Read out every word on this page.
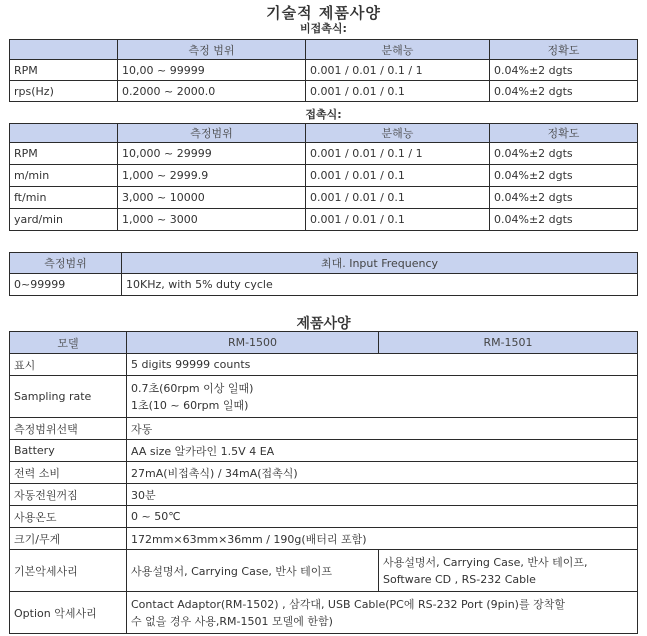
기술적 제품사양
비접촉식:
	측정 범위	분해능	정확도
RPM	10,00 ~ 99999	0.001 / 0.01 / 0.1 / 1	0.04%±2 dgts
rps(Hz)	0.2000 ~ 2000.0	0.001 / 0.01 / 0.1	0.04%±2 dgts
접촉식:
	측정범위	분해능	정확도
RPM	10,000 ~ 29999	0.001 / 0.01 / 0.1 / 1	0.04%±2 dgts
m/min	1,000 ~ 2999.9	0.001 / 0.01 / 0.1	0.04%±2 dgts
ft/min	3,000 ~ 10000	0.001 / 0.01 / 0.1	0.04%±2 dgts
yard/min	1,000 ~ 3000	0.001 / 0.01 / 0.1	0.04%±2 dgts
측정범위	최대. Input Frequency
0~99999	10KHz, with 5% duty cycle
제품사양
모델	RM-1500	RM-1501
표시	5 digits 99999 counts	
Sampling rate	0.7초(60rpm 이상 일때)
1초(10 ~ 60rpm 일때)	

측정범위선택	자동	
Battery	AA size 알카라인 1.5V 4 EA	
전력 소비	27mA(비접촉식) / 34mA(접촉식)	
자동전원꺼짐	30분	
사용온도	0 ~ 50℃	
크기/무게	172mm×63mm×36mm / 190g(배터리 포함)	
기본악세사리	사용설명서, Carrying Case, 반사 테이프	사용설명서, Carrying Case, 반사 테이프,
Software CD , RS-232 Cable

Option 악세사리	Contact Adaptor(RM-1502) , 삼각대, USB Cable(PC에 RS-232 Port (9pin)를 장착할
수 없을 경우 사용,RM-1501 모델에 한함)	
